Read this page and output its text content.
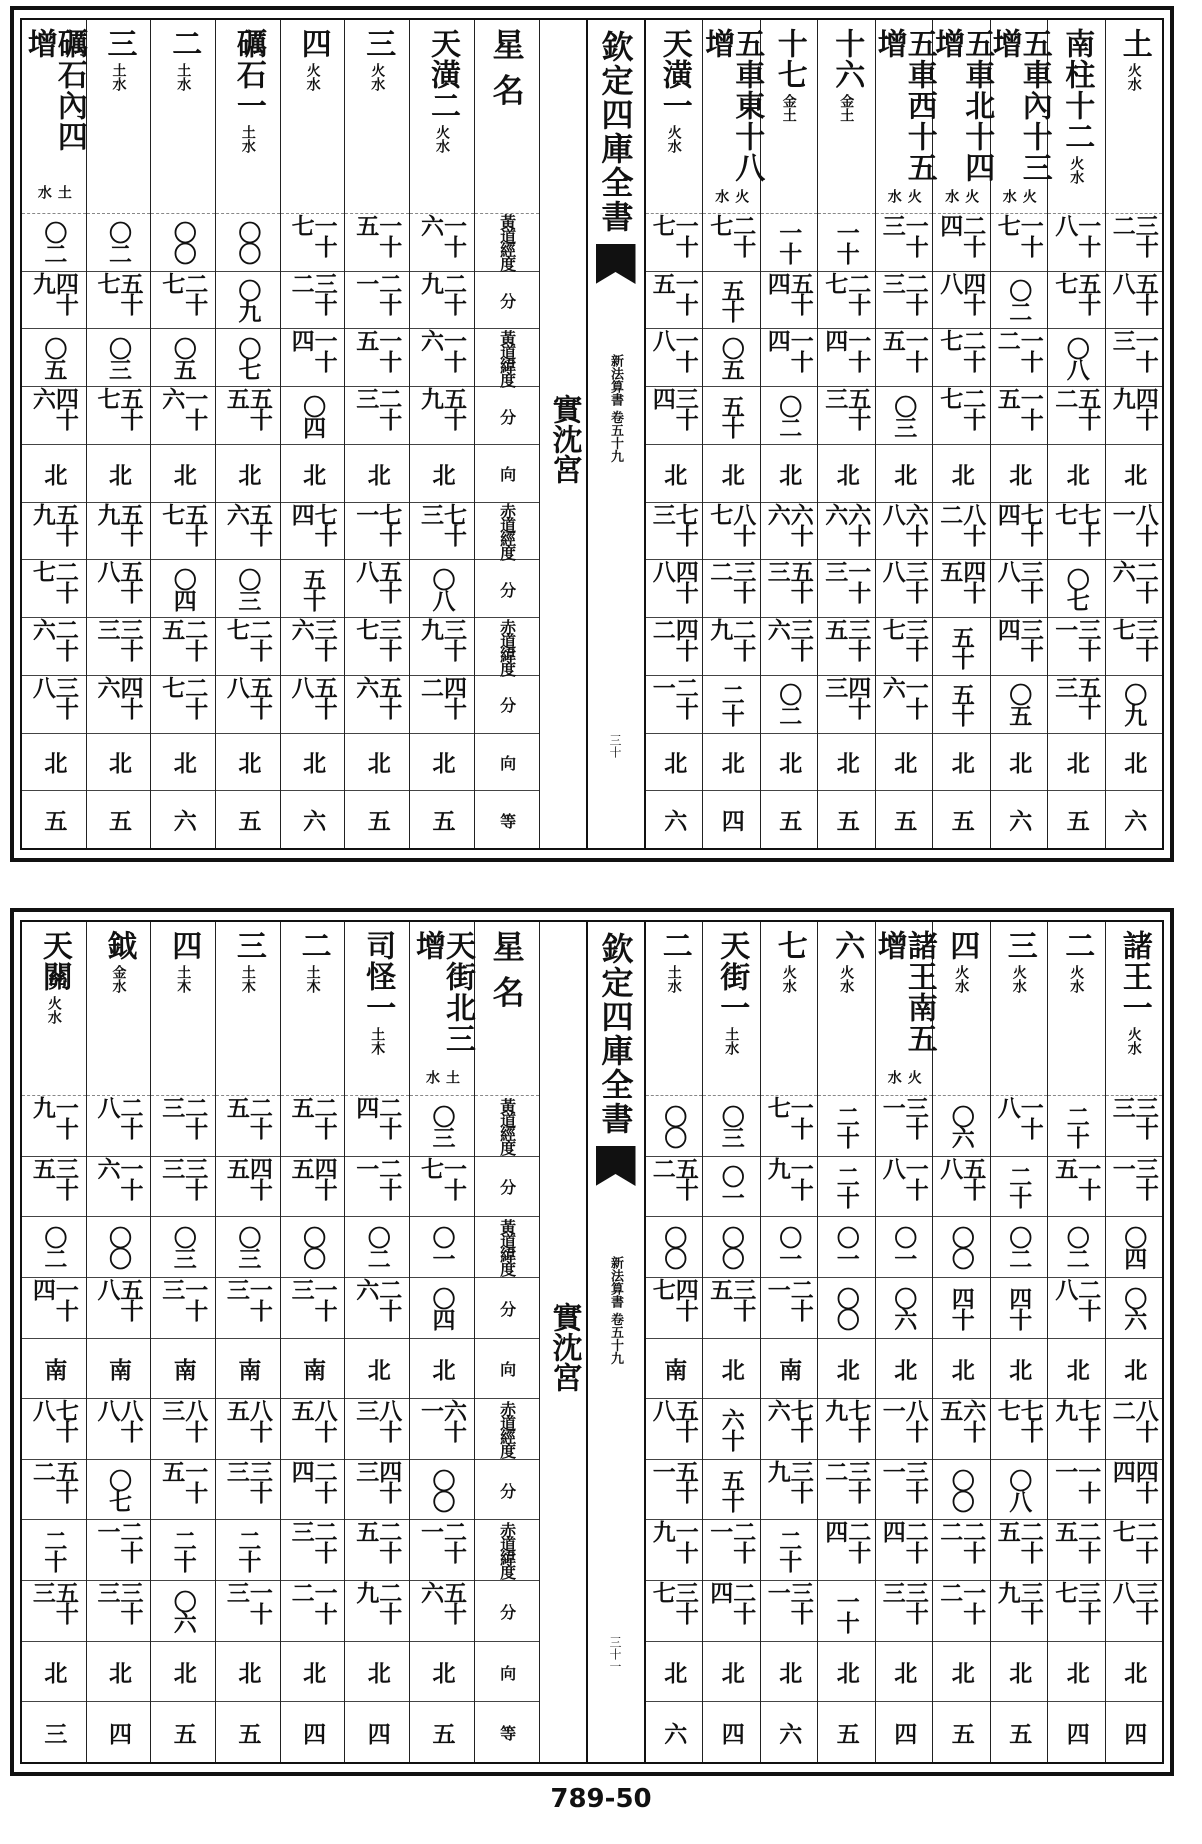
土
火水
三十二
五十八
一十三
四十九
北
八十一
二十六
三十七
〇九
北
六
南柱十二
火水
一十八
五十七
〇八
五十二
北
七十七
〇七
三十一
五十三
北
五
五車內十三增
火水
一十七
〇二
一十二
一十五
北
七十四
三十八
三十四
〇五
北
六
五車北十四增
火水
二十四
四十八
二十七
二十七
北
八十二
四十五
五十
五十
北
五
五車西十五增
火水
一十三
二十三
一十五
〇三
北
六十八
三十八
三十七
一十六
北
五
十六
金土
一十
二十七
一十四
五十三
北
六十六
一十三
三十五
四十三
北
五
十七
金土
一十
五十四
一十四
〇二
北
六十六
五十三
三十六
〇二
北
五
五車東十八增
火水
二十七
五十
〇五
五十
北
八十七
三十二
二十九
二十
北
四
天潢一
火水
一十七
一十五
一十八
三十四
北
七十三
四十八
四十二
二十一
北
六
欽定四庫全書
新法算書 卷五十九
三十
實沈宮
星 名
黃道經度
分
黃道緯度
分
向
赤道經度
分
赤道緯度
分
向
等
天潢二
火水
一十六
二十九
一十六
五十九
北
七十三
〇八
三十九
四十二
北
五
三
火水
一十五
二十一
一十五
二十三
北
七十一
五十八
三十七
五十六
北
五
四
火水
一十七
三十二
一十四
〇四
北
七十四
五十
三十六
五十八
北
六
礪石一
土水
〇〇
〇九
〇七
五十五
北
五十六
〇三
二十七
五十八
北
五
二
土水
〇〇
二十七
〇五
一十六
北
五十七
〇四
二十五
二十七
北
六
三
土水
〇二
五十七
〇三
五十七
北
五十九
五十八
三十三
四十六
北
五
礪石內四增
土水
〇二
四十九
〇五
四十六
北
五十九
二十七
二十六
三十八
北
五
諸王一
火水
三十三
三十一
〇四
〇六
北
八十二
四十四
二十七
三十八
北
四
二
火水
二十
一十五
〇二
二十八
北
七十九
一十一
二十五
三十七
北
四
三
火水
一十八
二十
〇二
四十
北
七十七
〇八
二十五
三十九
北
五
四
火水
〇六
五十八
〇〇
四十
北
六十五
〇〇
二十二
一十二
北
五
諸王南五增
火水
三十一
一十八
〇一
〇六
北
八十一
三十一
二十四
三十三
北
四
六
火水
二十
二十
〇一
〇〇
北
七十九
三十二
二十四
一十
北
五
七
火水
一十七
一十九
〇一
二十一
南
七十六
三十九
二十
三十一
北
六
天街一
土水
〇三
〇一
〇〇
三十五
北
六十
五十
二十一
二十四
北
四
二
土水
〇〇
五十二
〇〇
四十七
南
五十八
五十一
一十九
三十七
北
六
欽定四庫全書
新法算書 卷五十九
三十一
實沈宮
星 名
黃道經度
分
黃道緯度
分
向
赤道經度
分
赤道緯度
分
向
等
天街北三增
土水
〇三
一十七
〇一
〇四
北
六十一
〇〇
二十一
五十六
北
五
司怪一
土木
二十四
二十一
〇二
二十六
北
八十三
四十三
二十五
二十九
北
四
二
土木
二十五
四十五
〇〇
一十三
南
八十五
二十四
二十三
一十二
北
四
三
土木
二十五
四十五
〇三
一十三
南
八十五
三十三
二十
一十三
北
五
四
土木
二十三
三十三
〇三
一十三
南
八十三
一十五
二十
〇六
北
五
鉞
金水
二十八
一十六
〇〇
五十八
南
八十八
〇七
二十一
三十三
北
四
天關
火水
一十九
三十五
〇二
一十四
南
七十八
五十二
二十
五十三
北
三
789-50
